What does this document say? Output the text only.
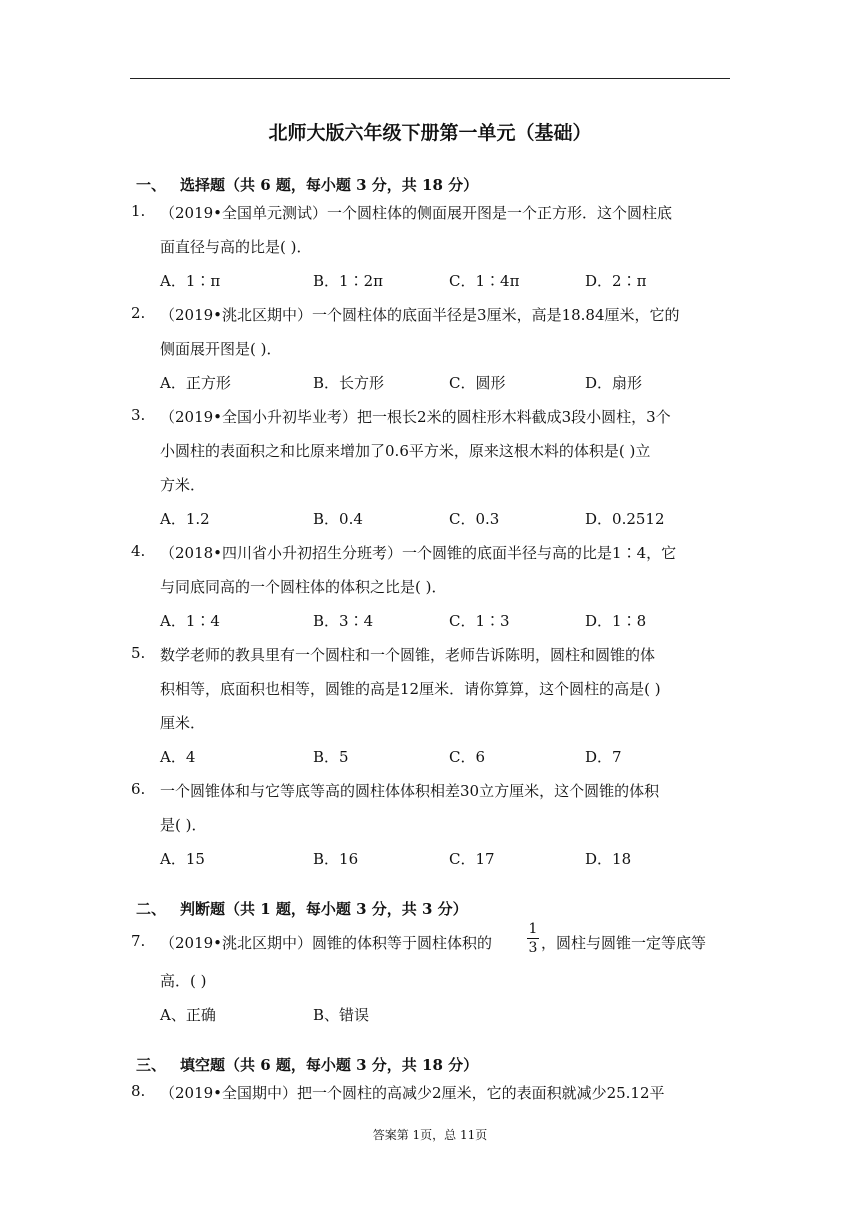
北师大版六年级下册第一单元（基础）
一、 选择题（共 6 题，每小题 3 分，共 18 分）
1. （2019•全国单元测试）一个圆柱体的侧面展开图是一个正方形．这个圆柱底
面直径与高的比是( )．
A．1∶π	B．1∶2π	C．1∶4π	D．2∶π
2. （2019•洮北区期中）一个圆柱体的底面半径是3厘米，高是18.84厘米，它的
侧面展开图是( )．
A．正方形	B．长方形	C．圆形	D．扇形
3. （2019•全国小升初毕业考）把一根长2米的圆柱形木料截成3段小圆柱，3个
小圆柱的表面积之和比原来增加了0.6平方米，原来这根木料的体积是( )立
方米．
A．1.2	B．0.4	C．0.3	D．0.2512
4. （2018•四川省小升初招生分班考）一个圆锥的底面半径与高的比是1∶4，它
与同底同高的一个圆柱体的体积之比是( )．
A．1∶4	B．3∶4	C．1∶3	D．1∶8
5. 数学老师的教具里有一个圆柱和一个圆锥，老师告诉陈明，圆柱和圆锥的体
积相等，底面积也相等，圆锥的高是12厘米．请你算算，这个圆柱的高是( )
厘米．
A．4	B．5	C．6	D．7
6. 一个圆锥体和与它等底等高的圆柱体体积相差30立方厘米，这个圆锥的体积
是( )．
A．15	B．16	C．17	D．18
二、 判断题（共 1 题，每小题 3 分，共 3 分）
7. （2019•洮北区期中）圆锥的体积等于圆柱体积的
1
3 ，圆柱与圆锥一定等底等
高．( )
A、正确	B、错误
三、 填空题（共 6 题，每小题 3 分，共 18 分）
8. （2019•全国期中）把一个圆柱的高减少2厘米，它的表面积就减少25.12平
答案第 1页，总 11页
